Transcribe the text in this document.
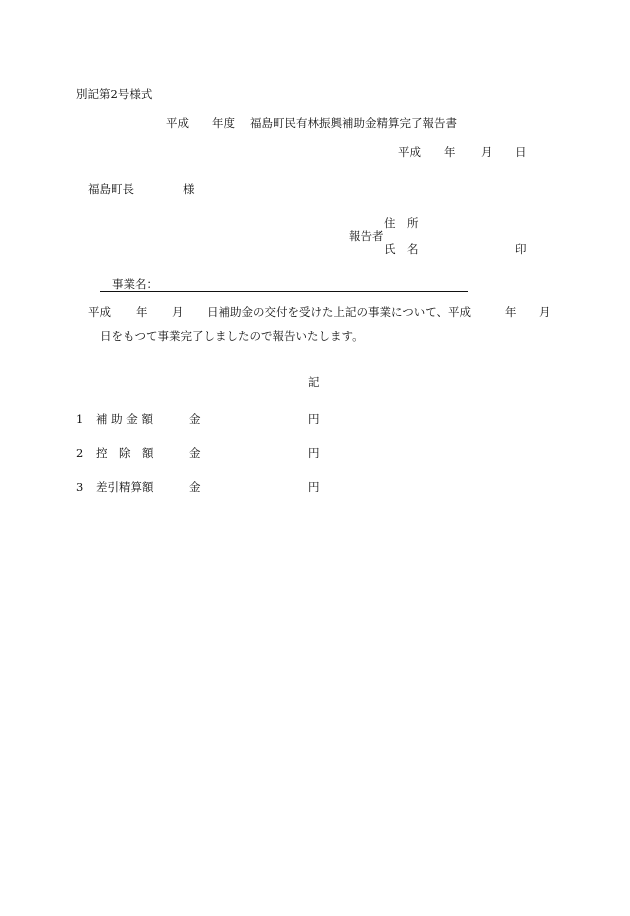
別記第2号様式
平成 年度 福島町民有林振興補助金精算完了報告書
平成 年 月 日
福島町長	様
住　所
報告者
氏　名	印
事業名：
平成 年 月 日補助金の交付を受けた上記の事業について、平成	年 月
日をもつて事業完了しましたので報告いたします。
記
1 補 助 金 額	金	円
2 控　除　額	金	円
3 差引精算額	金	円
